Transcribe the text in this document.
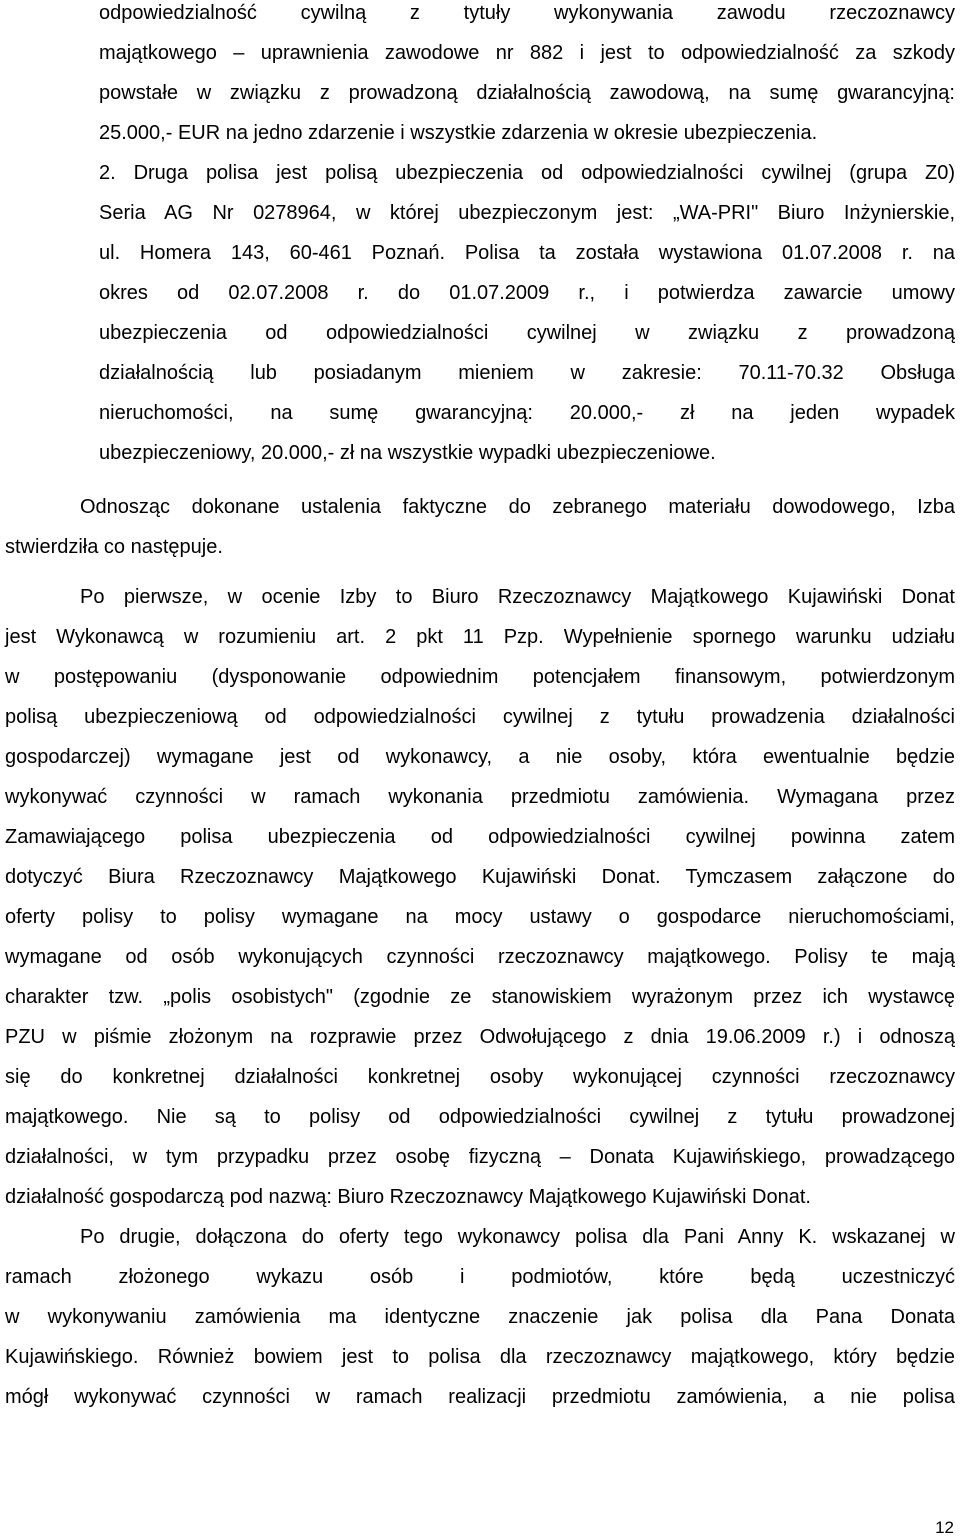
odpowiedzialność cywilną z tytuły wykonywania zawodu rzeczoznawcy
majątkowego – uprawnienia zawodowe nr 882 i jest to odpowiedzialność za szkody
powstałe w związku z prowadzoną działalnością zawodową, na sumę gwarancyjną:
25.000,- EUR na jedno zdarzenie i wszystkie zdarzenia w okresie ubezpieczenia.
2. Druga polisa jest polisą ubezpieczenia od odpowiedzialności cywilnej (grupa Z0)
Seria AG Nr 0278964, w której ubezpieczonym jest: „WA-PRI" Biuro Inżynierskie,
ul. Homera 143, 60-461 Poznań. Polisa ta została wystawiona 01.07.2008 r. na
okres od 02.07.2008 r. do 01.07.2009 r., i potwierdza zawarcie umowy
ubezpieczenia od odpowiedzialności cywilnej w związku z prowadzoną
działalnością lub posiadanym mieniem w zakresie: 70.11-70.32 Obsługa
nieruchomości, na sumę gwarancyjną: 20.000,- zł na jeden wypadek
ubezpieczeniowy, 20.000,- zł na wszystkie wypadki ubezpieczeniowe.
Odnosząc dokonane ustalenia faktyczne do zebranego materiału dowodowego, Izba
stwierdziła co następuje.
Po pierwsze, w ocenie Izby to Biuro Rzeczoznawcy Majątkowego Kujawiński Donat
jest Wykonawcą w rozumieniu art. 2 pkt 11 Pzp. Wypełnienie spornego warunku udziału
w postępowaniu (dysponowanie odpowiednim potencjałem finansowym, potwierdzonym
polisą ubezpieczeniową od odpowiedzialności cywilnej z tytułu prowadzenia działalności
gospodarczej) wymagane jest od wykonawcy, a nie osoby, która ewentualnie będzie
wykonywać czynności w ramach wykonania przedmiotu zamówienia. Wymagana przez
Zamawiającego polisa ubezpieczenia od odpowiedzialności cywilnej powinna zatem
dotyczyć Biura Rzeczoznawcy Majątkowego Kujawiński Donat. Tymczasem załączone do
oferty polisy to polisy wymagane na mocy ustawy o gospodarce nieruchomościami,
wymagane od osób wykonujących czynności rzeczoznawcy majątkowego. Polisy te mają
charakter tzw. „polis osobistych" (zgodnie ze stanowiskiem wyrażonym przez ich wystawcę
PZU w piśmie złożonym na rozprawie przez Odwołującego z dnia 19.06.2009 r.) i odnoszą
się do konkretnej działalności konkretnej osoby wykonującej czynności rzeczoznawcy
majątkowego. Nie są to polisy od odpowiedzialności cywilnej z tytułu prowadzonej
działalności, w tym przypadku przez osobę fizyczną – Donata Kujawińskiego, prowadzącego
działalność gospodarczą pod nazwą: Biuro Rzeczoznawcy Majątkowego Kujawiński Donat.
Po drugie, dołączona do oferty tego wykonawcy polisa dla Pani Anny K. wskazanej w
ramach złożonego wykazu osób i podmiotów, które będą uczestniczyć
w wykonywaniu zamówienia ma identyczne znaczenie jak polisa dla Pana Donata
Kujawińskiego. Również bowiem jest to polisa dla rzeczoznawcy majątkowego, który będzie
mógł wykonywać czynności w ramach realizacji przedmiotu zamówienia, a nie polisa
12
